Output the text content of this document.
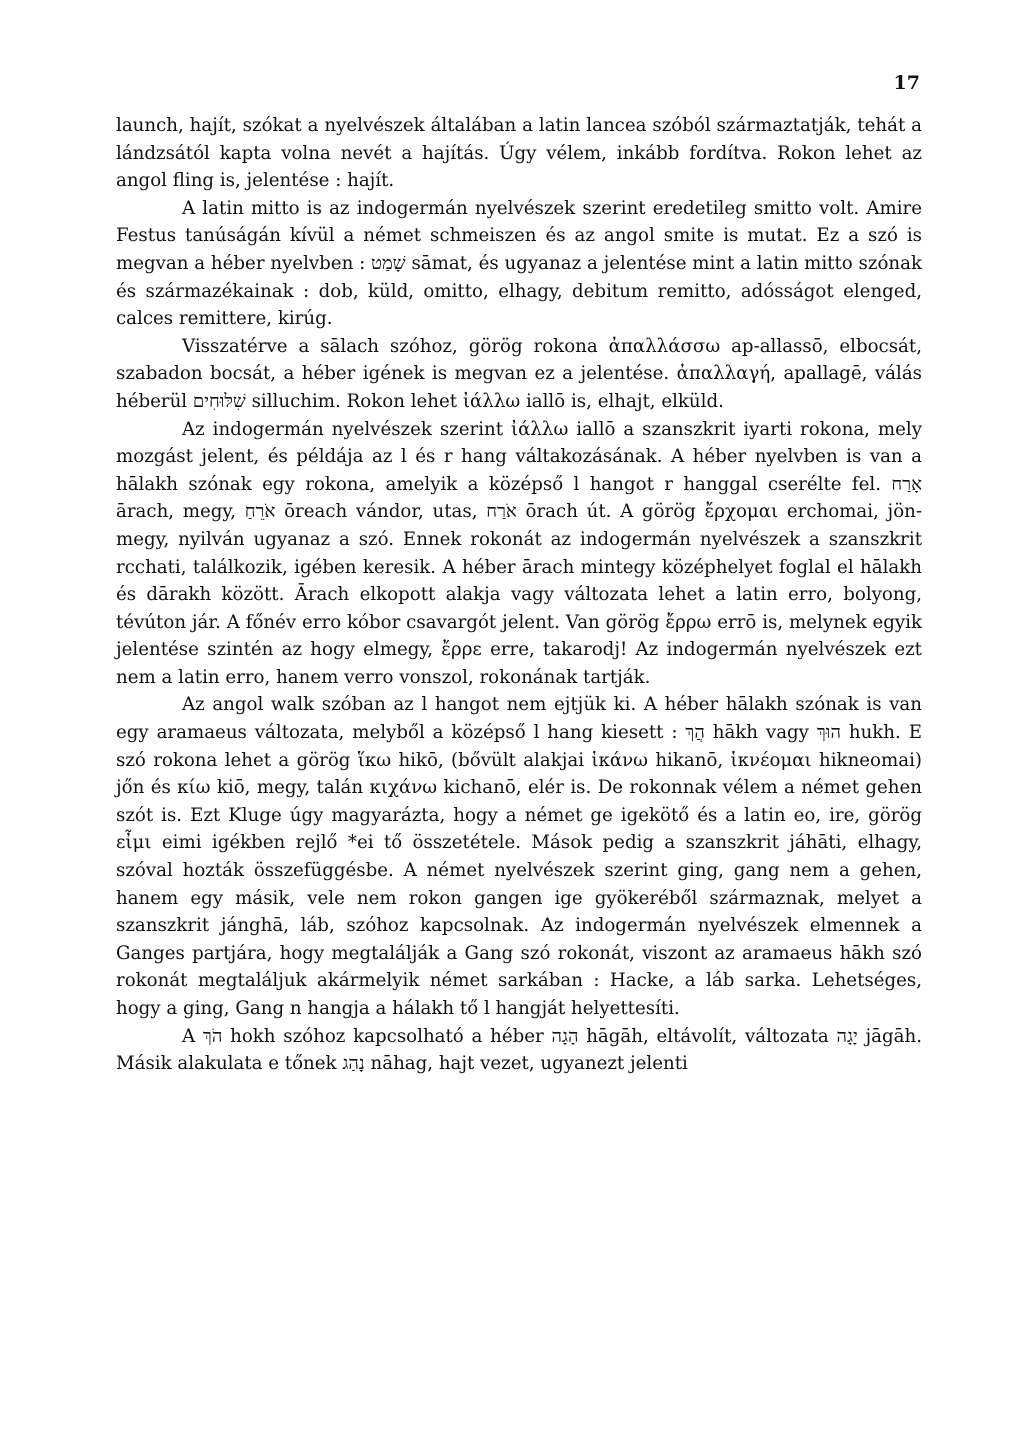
17

launch, hajít, szókat a nyelvészek általában a latin lancea szóból származtatják, tehát a lándzsától kapta volna nevét a hajítás. Úgy vélem, inkább fordítva. Rokon lehet az angol fling is, jelentése : hajít.

A latin mitto is az indogermán nyelvészek szerint eredetileg smitto volt. Amire Festus tanúságán kívül a német schmeiszen és az angol smite is mutat. Ez a szó is megvan a héber nyelvben : שָׁמַט sāmat, és ugyanaz a jelentése mint a latin mitto szónak és származékainak : dob, küld, omitto, elhagy, debitum remitto, adósságot elenged, calces remittere, kirúg.

Visszatérve a sālach szóhoz, görög rokona ἀπαλλάσσω ap-allassō, elbocsát, szabadon bocsát, a héber igének is megvan ez a jelentése. ἀπαλλαγή, apallagē, válás héberül שִׁלּוּחִים silluchim. Rokon lehet ἰάλλω iallō is, elhajt, elküld.

Az indogermán nyelvészek szerint ἰάλλω iallō a szanszkrit iyarti rokona, mely mozgást jelent, és példája az l és r hang váltakozásának. A héber nyelvben is van a hālakh szónak egy rokona, amelyik a középső l hangot r hanggal cserélte fel. אָרַח ārach, megy, אֹרֵחַ ōreach vándor, utas, אֹרַח ōrach út. A görög ἔρχομαι erchomai, jön-megy, nyilván ugyanaz a szó. Ennek rokonát az indogermán nyelvészek a szanszkrit rcchati, találkozik, igében keresik. A héber ārach mintegy középhelyet foglal el hālakh és dārakh között. Ārach elkopott alakja vagy változata lehet a latin erro, bolyong, tévúton jár. A főnév erro kóbor csavargót jelent. Van görög ἔρρω errō is, melynek egyik jelentése szintén az hogy elmegy, ἔρρε erre, takarodj! Az indogermán nyelvészek ezt nem a latin erro, hanem verro vonszol, rokonának tartják.

Az angol walk szóban az l hangot nem ejtjük ki. A héber hālakh szónak is van egy aramaeus változata, melyből a középső l hang kiesett : הֲךְ hākh vagy הוּךְ hukh. E szó rokona lehet a görög ἵκω hikō, (bővült alakjai ἱκάνω hikanō, ἱκνέομαι hikneomai) jőn és κίω kiō, megy, talán κιχάνω kichanō, elér is. De rokonnak vélem a német gehen szót is. Ezt Kluge úgy magyarázta, hogy a német ge igekötő és a latin eo, ire, görög εἶμι eimi igékben rejlő *ei tő összetétele. Mások pedig a szanszkrit jáhāti, elhagy, szóval hozták összefüggésbe. A német nyelvészek szerint ging, gang nem a gehen, hanem egy másik, vele nem rokon gangen ige gyökeréből származnak, melyet a szanszkrit jánghā, láb, szóhoz kapcsolnak. Az indogermán nyelvészek elmennek a Ganges partjára, hogy megtalálják a Gang szó rokonát, viszont az aramaeus hākh szó rokonát megtaláljuk akármelyik német sarkában : Hacke, a láb sarka. Lehetséges, hogy a ging, Gang n hangja a hálakh tő l hangját helyettesíti.

A הֹךְ hokh szóhoz kapcsolható a héber הָגָה hāgāh, eltávolít, változata יָגָה jāgāh. Másik alakulata e tőnek נָהַג nāhag, hajt vezet, ugyanezt jelenti
